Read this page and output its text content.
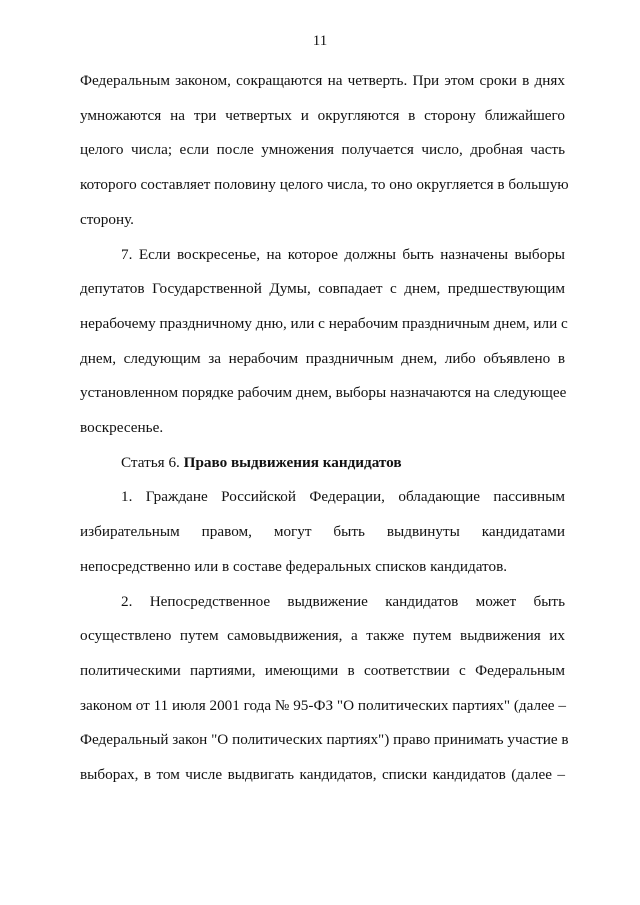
11
Федеральным законом, сокращаются на четверть. При этом сроки в днях
умножаются на три четвертых и округляются в сторону ближайшего
целого числа; если после умножения получается число, дробная часть
которого составляет половину целого числа, то оно округляется в большую
сторону.
7. Если воскресенье, на которое должны быть назначены выборы
депутатов Государственной Думы, совпадает с днем, предшествующим
нерабочему праздничному дню, или с нерабочим праздничным днем, или с
днем, следующим за нерабочим праздничным днем, либо объявлено в
установленном порядке рабочим днем, выборы назначаются на следующее
воскресенье.
Статья 6. Право выдвижения кандидатов
1. Граждане Российской Федерации, обладающие пассивным
избирательным правом, могут быть выдвинуты кандидатами
непосредственно или в составе федеральных списков кандидатов.
2. Непосредственное выдвижение кандидатов может быть
осуществлено путем самовыдвижения, а также путем выдвижения их
политическими партиями, имеющими в соответствии с Федеральным
законом от 11 июля 2001 года № 95-ФЗ "О политических партиях" (далее –
Федеральный закон "О политических партиях") право принимать участие в
выборах, в том числе выдвигать кандидатов, списки кандидатов (далее –
